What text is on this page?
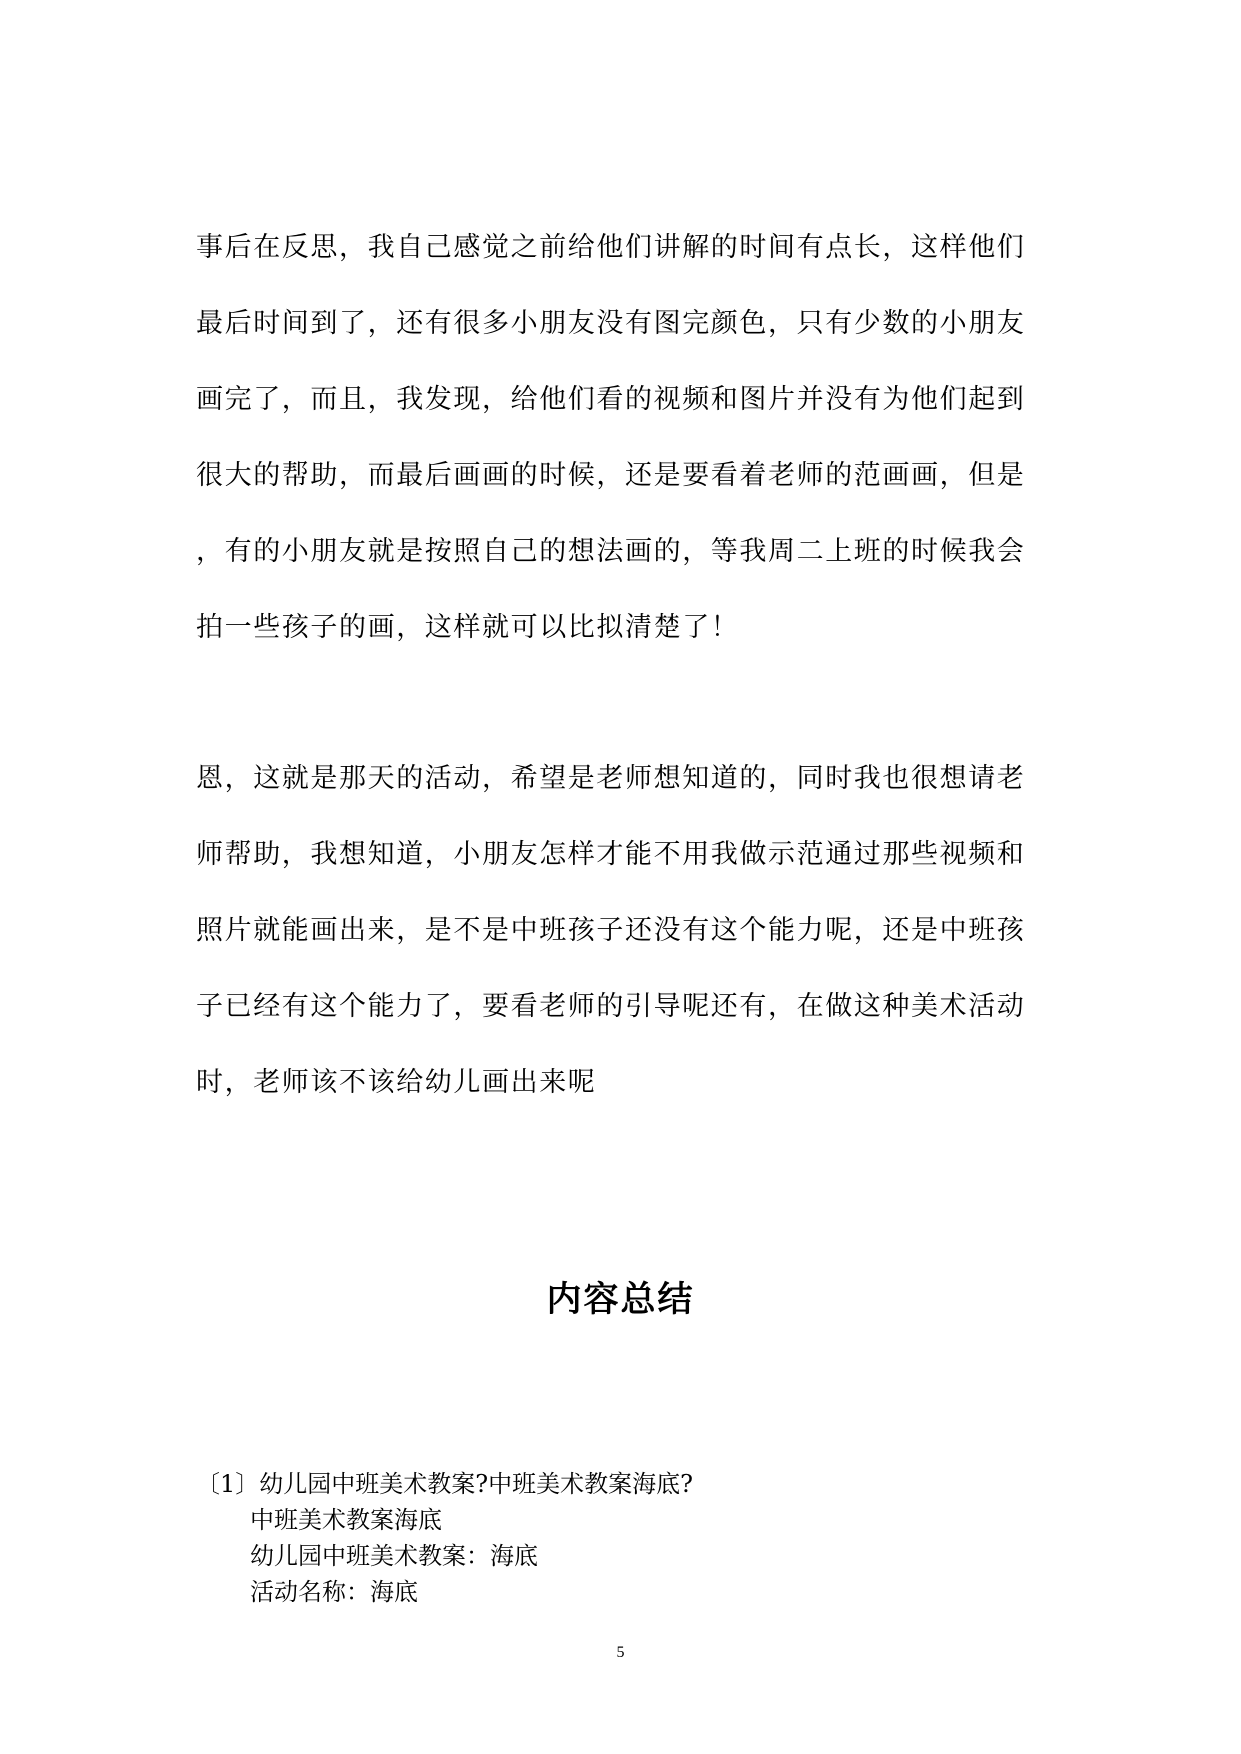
事后在反思，我自己感觉之前给他们讲解的时间有点长，这样他们
最后时间到了，还有很多小朋友没有图完颜色，只有少数的小朋友
画完了，而且，我发现，给他们看的视频和图片并没有为他们起到
很大的帮助，而最后画画的时候，还是要看着老师的范画画，但是
，有的小朋友就是按照自己的想法画的，等我周二上班的时候我会
拍一些孩子的画，这样就可以比拟清楚了！
恩，这就是那天的活动，希望是老师想知道的，同时我也很想请老
师帮助，我想知道，小朋友怎样才能不用我做示范通过那些视频和
照片就能画出来，是不是中班孩子还没有这个能力呢，还是中班孩
子已经有这个能力了，要看老师的引导呢还有，在做这种美术活动
时，老师该不该给幼儿画出来呢
内容总结
〔1〕幼儿园中班美术教案?中班美术教案海底?
中班美术教案海底
幼儿园中班美术教案：海底
活动名称：海底
5
